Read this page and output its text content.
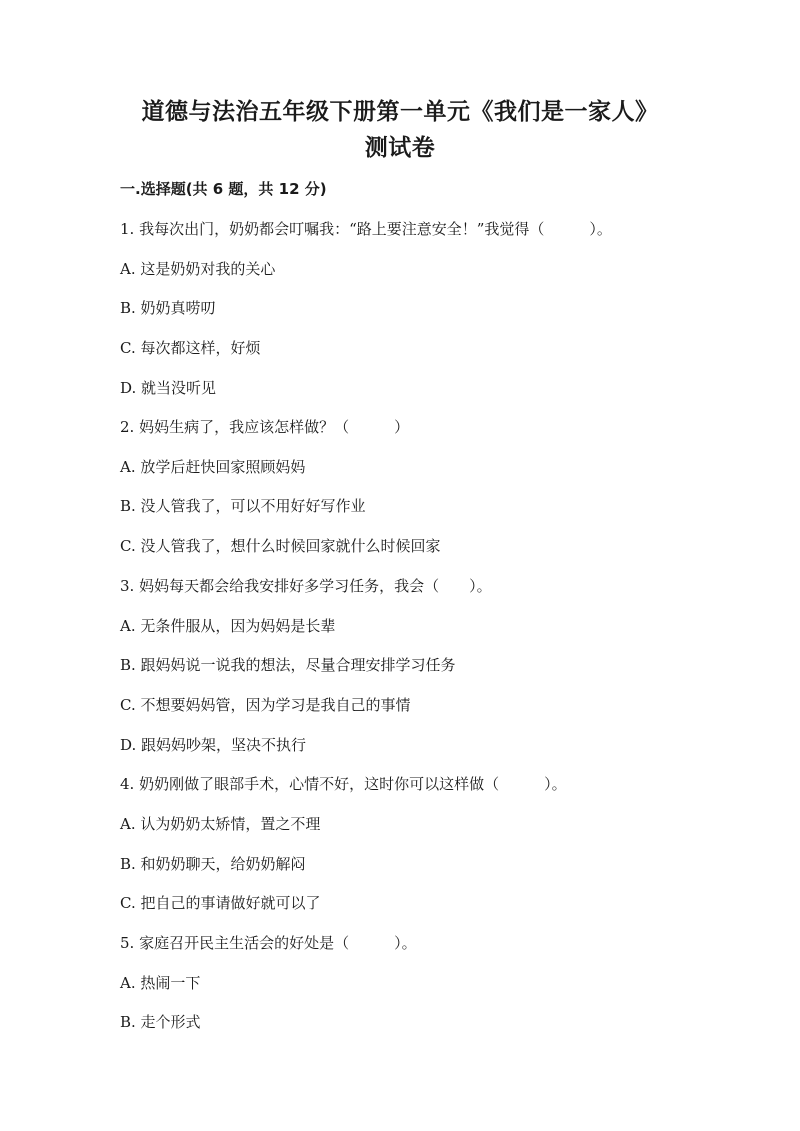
道德与法治五年级下册第一单元《我们是一家人》
测试卷
一.选择题(共 6 题，共 12 分)
1. 我每次出门，奶奶都会叮嘱我：“路上要注意安全！”我觉得（　　　）。
A. 这是奶奶对我的关心
B. 奶奶真唠叨
C. 每次都这样，好烦
D. 就当没听见
2. 妈妈生病了，我应该怎样做？（　　　）
A. 放学后赶快回家照顾妈妈
B. 没人管我了，可以不用好好写作业
C. 没人管我了，想什么时候回家就什么时候回家
3. 妈妈每天都会给我安排好多学习任务，我会（　　）。
A. 无条件服从，因为妈妈是长辈
B. 跟妈妈说一说我的想法，尽量合理安排学习任务
C. 不想要妈妈管，因为学习是我自己的事情
D. 跟妈妈吵架，坚决不执行
4. 奶奶刚做了眼部手术，心情不好，这时你可以这样做（　　　）。
A. 认为奶奶太矫情，置之不理
B. 和奶奶聊天，给奶奶解闷
C. 把自己的事请做好就可以了
5. 家庭召开民主生活会的好处是（　　　）。
A. 热闹一下
B. 走个形式
